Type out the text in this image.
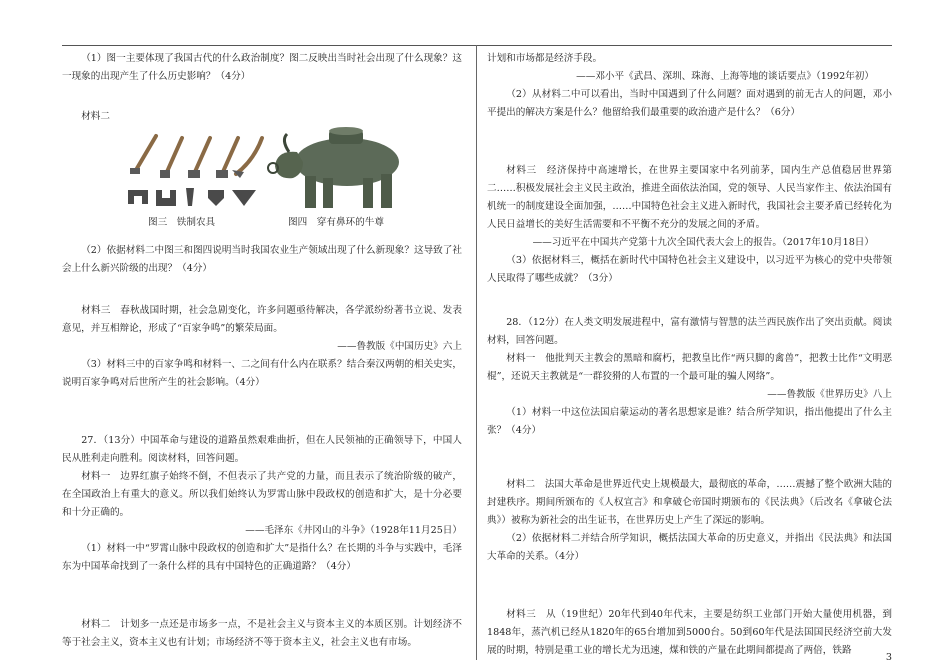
（1）图一主要体现了我国古代的什么政治制度？图二反映出当时社会出现了什么现象？这一现象的出现产生了什么历史影响？（4分）

材料二

图三　铁制农具	图四　穿有鼻环的牛尊

（2）依据材料二中图三和图四说明当时我国农业生产领域出现了什么新现象？这导致了社会上什么新兴阶级的出现？（4分）

材料三　春秋战国时期，社会急剧变化，许多问题亟待解决，各学派纷纷著书立说、发表意见，并互相辩论，形成了“百家争鸣”的繁荣局面。

——鲁教版《中国历史》六上

（3）材料三中的百家争鸣和材料一、二之间有什么内在联系？结合秦汉两朝的相关史实，说明百家争鸣对后世所产生的社会影响。（4分）

27．（13分）中国革命与建设的道路虽然艰难曲折，但在人民领袖的正确领导下，中国人民从胜利走向胜利。阅读材料，回答问题。

材料一　边界红旗子始终不倒，不但表示了共产党的力量，而且表示了统治阶级的破产，在全国政治上有重大的意义。所以我们始终认为罗霄山脉中段政权的创造和扩大，是十分必要和十分正确的。

——毛泽东《井冈山的斗争》（1928年11月25日）

（1）材料一中“罗霄山脉中段政权的创造和扩大”是指什么？在长期的斗争与实践中，毛泽东为中国革命找到了一条什么样的具有中国特色的正确道路？（4分）

材料二　计划多一点还是市场多一点，不是社会主义与资本主义的本质区别。计划经济不等于社会主义，资本主义也有计划；市场经济不等于资本主义，社会主义也有市场。

计划和市场都是经济手段。

——邓小平《武昌、深圳、珠海、上海等地的谈话要点》（1992年初）

（2）从材料二中可以看出，当时中国遇到了什么问题？面对遇到的前无古人的问题，邓小平提出的解决方案是什么？他留给我们最重要的政治遗产是什么？（6分）

材料三　经济保持中高速增长，在世界主要国家中名列前茅，国内生产总值稳居世界第二……积极发展社会主义民主政治，推进全面依法治国，党的领导、人民当家作主、依法治国有机统一的制度建设全面加强，……中国特色社会主义进入新时代，我国社会主要矛盾已经转化为人民日益增长的美好生活需要和不平衡不充分的发展之间的矛盾。

——习近平在中国共产党第十九次全国代表大会上的报告。（2017年10月18日）

（3）依据材料三，概括在新时代中国特色社会主义建设中，以习近平为核心的党中央带领人民取得了哪些成就？（3分）

28．（12分）在人类文明发展进程中，富有激情与智慧的法兰西民族作出了突出贡献。阅读材料，回答问题。

材料一　他批判天主教会的黑暗和腐朽，把教皇比作“两只脚的禽兽”，把教士比作“文明恶棍”，还说天主教就是“一群狡猾的人布置的一个最可耻的骗人网络”。

——鲁教版《世界历史》八上

（1）材料一中这位法国启蒙运动的著名思想家是谁？结合所学知识，指出他提出了什么主张？（4分）

材料二　法国大革命是世界近代史上规模最大，最彻底的革命，……震撼了整个欧洲大陆的封建秩序。期间所颁布的《人权宣言》和拿破仑帝国时期颁布的《民法典》（后改名《拿破仑法典》）被称为新社会的出生证书，在世界历史上产生了深远的影响。

（2）依据材料二并结合所学知识，概括法国大革命的历史意义，并指出《民法典》和法国大革命的关系。（4分）

材料三　从（19世纪）20年代到40年代末，主要是纺织工业部门开始大量使用机器，到1848年，蒸汽机已经从1820年的65台增加到5000台。50到60年代是法国国民经济空前大发展的时期，特别是重工业的增长尤为迅速，煤和铁的产量在此期间都提高了两倍，铁路

3
